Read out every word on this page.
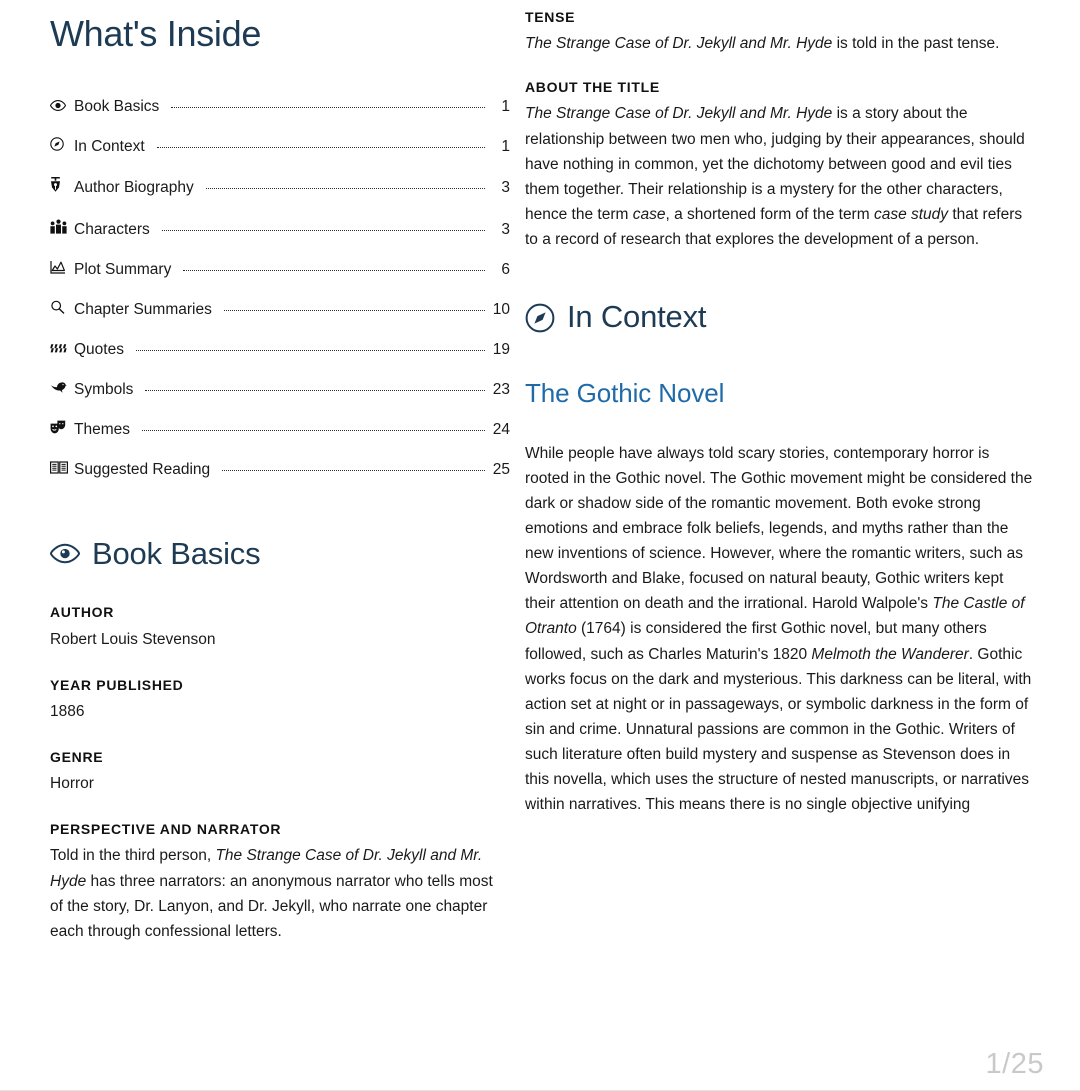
What's Inside
Book Basics	1
In Context	1
Author Biography	3
Characters	3
Plot Summary	6
Chapter Summaries	10
Quotes	19
Symbols	23
Themes	24
Suggested Reading	25
Book Basics

AUTHOR

Robert Louis Stevenson

YEAR PUBLISHED

1886

GENRE

Horror

PERSPECTIVE AND NARRATOR

Told in the third person, The Strange Case of Dr. Jekyll and Mr. Hyde has three narrators: an anonymous narrator who tells most of the story, Dr. Lanyon, and Dr. Jekyll, who narrate one chapter each through confessional letters.

TENSE

The Strange Case of Dr. Jekyll and Mr. Hyde is told in the past tense.

ABOUT THE TITLE

The Strange Case of Dr. Jekyll and Mr. Hyde is a story about the relationship between two men who, judging by their appearances, should have nothing in common, yet the dichotomy between good and evil ties them together. Their relationship is a mystery for the other characters, hence the term case, a shortened form of the term case study that refers to a record of research that explores the development of a person.

In Context
The Gothic Novel

While people have always told scary stories, contemporary horror is rooted in the Gothic novel. The Gothic movement might be considered the dark or shadow side of the romantic movement. Both evoke strong emotions and embrace folk beliefs, legends, and myths rather than the new inventions of science. However, where the romantic writers, such as Wordsworth and Blake, focused on natural beauty, Gothic writers kept their attention on death and the irrational. Harold Walpole's The Castle of Otranto (1764) is considered the first Gothic novel, but many others followed, such as Charles Maturin's 1820 Melmoth the Wanderer. Gothic works focus on the dark and mysterious. This darkness can be literal, with action set at night or in passageways, or symbolic darkness in the form of sin and crime. Unnatural passions are common in the Gothic. Writers of such literature often build mystery and suspense as Stevenson does in this novella, which uses the structure of nested manuscripts, or narratives within narratives. This means there is no single objective unifying

1/25
